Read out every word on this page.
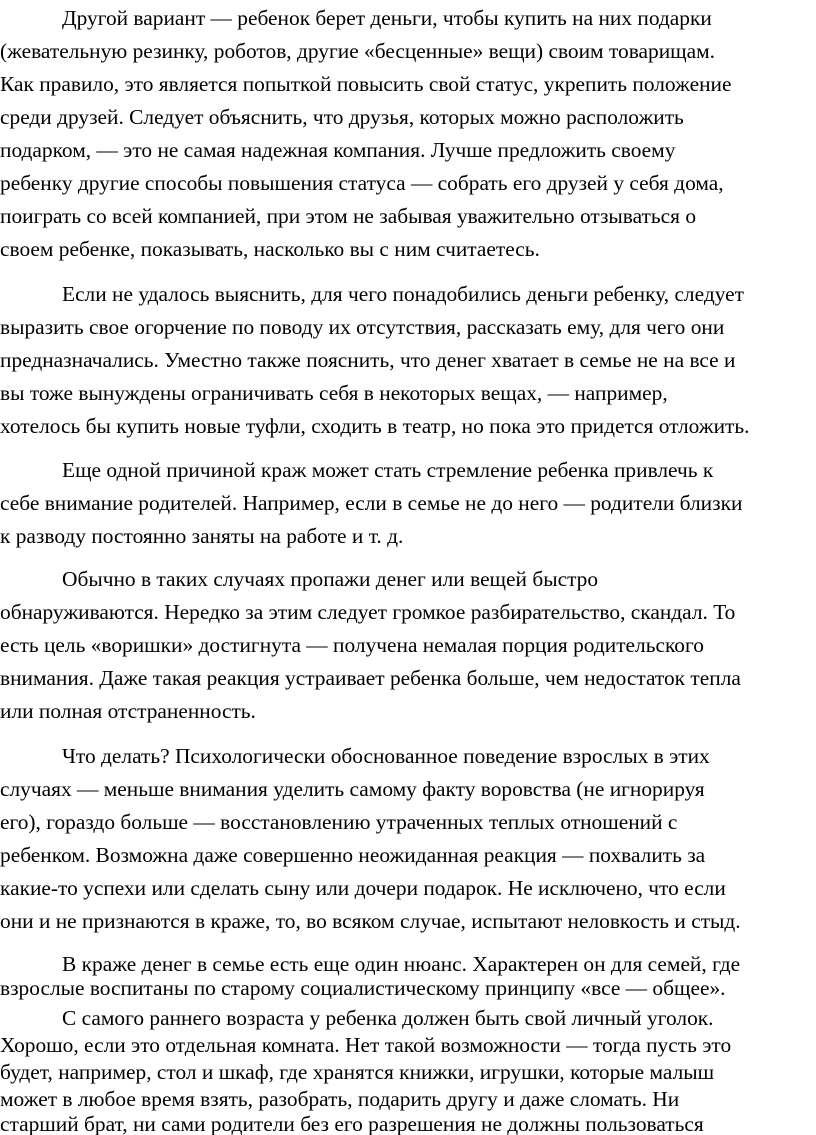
Другой вариант — ребенок берет деньги, чтобы купить на них подарки
(жевательную резинку, роботов, другие «бесценные» вещи) своим товарищам.
Как правило, это является попыткой повысить свой статус, укрепить положение
среди друзей. Следует объяснить, что друзья, которых можно расположить
подарком, — это не самая надежная компания. Лучше предложить своему
ребенку другие способы повышения статуса — собрать его друзей у себя дома,
поиграть со всей компанией, при этом не забывая уважительно отзываться о
своем ребенке, показывать, насколько вы с ним считаетесь.
Если не удалось выяснить, для чего понадобились деньги ребенку, следует
выразить свое огорчение по поводу их отсутствия, рассказать ему, для чего они
предназначались. Уместно также пояснить, что денег хватает в семье не на все и
вы тоже вынуждены ограничивать себя в некоторых вещах, — например,
хотелось бы купить новые туфли, сходить в театр, но пока это придется отложить.
Еще одной причиной краж может стать стремление ребенка привлечь к
себе внимание родителей. Например, если в семье не до него — родители близки
к разводу постоянно заняты на работе и т. д.
Обычно в таких случаях пропажи денег или вещей быстро
обнаруживаются. Нередко за этим следует громкое разбирательство, скандал. То
есть цель «воришки» достигнута — получена немалая порция родительского
внимания. Даже такая реакция устраивает ребенка больше, чем недостаток тепла
или полная отстраненность.
Что делать? Психологически обоснованное поведение взрослых в этих
случаях — меньше внимания уделить самому факту воровства (не игнорируя
его), гораздо больше — восстановлению утраченных теплых отношений с
ребенком. Возможна даже совершенно неожиданная реакция — похвалить за
какие-то успехи или сделать сыну или дочери подарок. Не исключено, что если
они и не признаются в краже, то, во всяком случае, испытают неловкость и стыд.
В краже денег в семье есть еще один нюанс. Характерен он для семей, где
взрослые воспитаны по старому социалистическому принципу «все — общее».
С самого раннего возраста у ребенка должен быть свой личный уголок.
Хорошо, если это отдельная комната. Нет такой возможности — тогда пусть это
будет, например, стол и шкаф, где хранятся книжки, игрушки, которые малыш
может в любое время взять, разобрать, подарить другу и даже сломать. Ни
старший брат, ни сами родители без его разрешения не должны пользоваться
